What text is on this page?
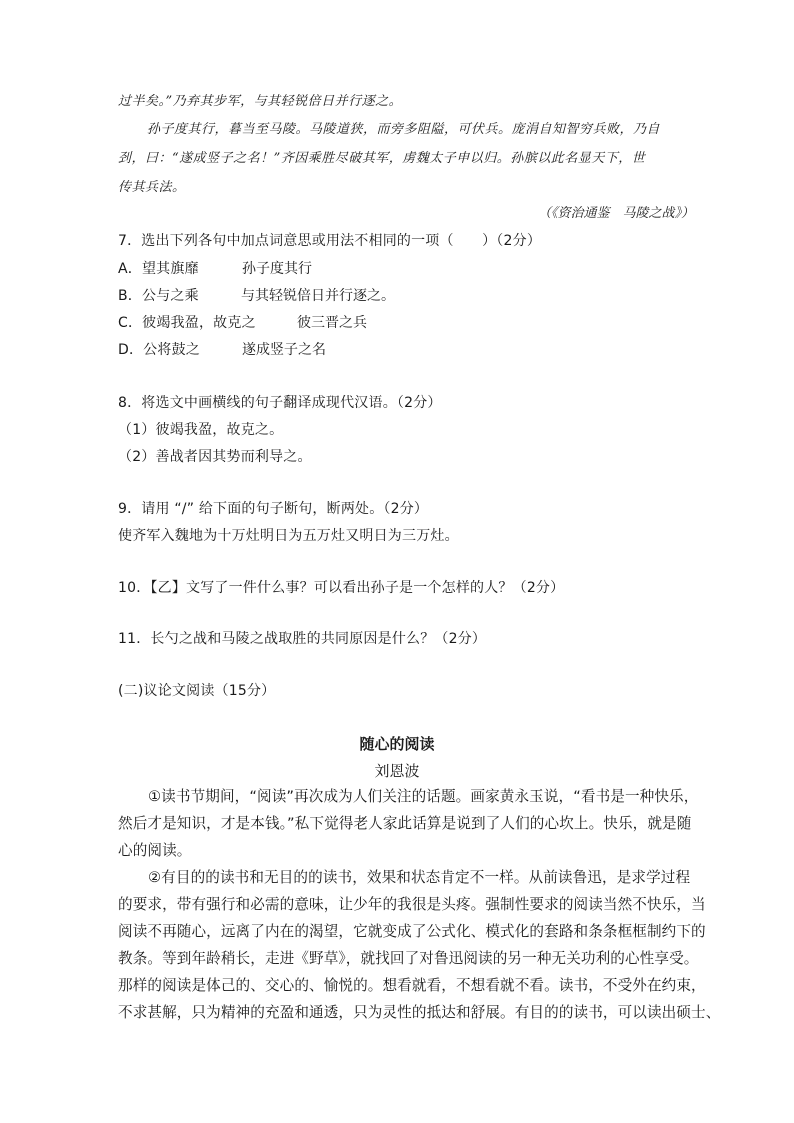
过半矣。”乃弃其步军，与其轻锐倍日并行逐之。
孙子度其行，暮当至马陵。马陵道狭，而旁多阻隘，可伏兵。庞涓自知智穷兵败，乃自
刭，曰：“遂成竖子之名！”齐因乘胜尽破其军，虏魏太子申以归。孙膑以此名显天下，世
传其兵法。
（《资治通鉴　马陵之战》）
7．选出下列各句中加点词意思或用法不相同的一项（　　）（2分）
A．望其旗靡	孙子度其行
B．公与之乘	与其轻锐倍日并行逐之。
C．彼竭我盈，故克之	彼三晋之兵
D．公将鼓之	遂成竖子之名
8．将选文中画横线的句子翻译成现代汉语。（2分）
（1）彼竭我盈，故克之。
（2）善战者因其势而利导之。
9．请用 “/” 给下面的句子断句，断两处。（2分）
使齐军入魏地为十万灶明日为五万灶又明日为三万灶。
10．【乙】文写了一件什么事？可以看出孙子是一个怎样的人？（2分）
11．长勺之战和马陵之战取胜的共同原因是什么？（2分）
(二)议论文阅读（15分）
随心的阅读
刘恩波
①读书节期间，“阅读”再次成为人们关注的话题。画家黄永玉说，“看书是一种快乐，
然后才是知识，才是本钱。”私下觉得老人家此话算是说到了人们的心坎上。快乐，就是随
心的阅读。
②有目的的读书和无目的的读书，效果和状态肯定不一样。从前读鲁迅，是求学过程
的要求，带有强行和必需的意味，让少年的我很是头疼。强制性要求的阅读当然不快乐，当
阅读不再随心，远离了内在的渴望，它就变成了公式化、模式化的套路和条条框框制约下的
教条。等到年龄稍长，走进《野草》，就找回了对鲁迅阅读的另一种无关功利的心性享受。
那样的阅读是体己的、交心的、愉悦的。想看就看，不想看就不看。读书，不受外在约束，
不求甚解，只为精神的充盈和通透，只为灵性的抵达和舒展。有目的的读书，可以读出硕士、
